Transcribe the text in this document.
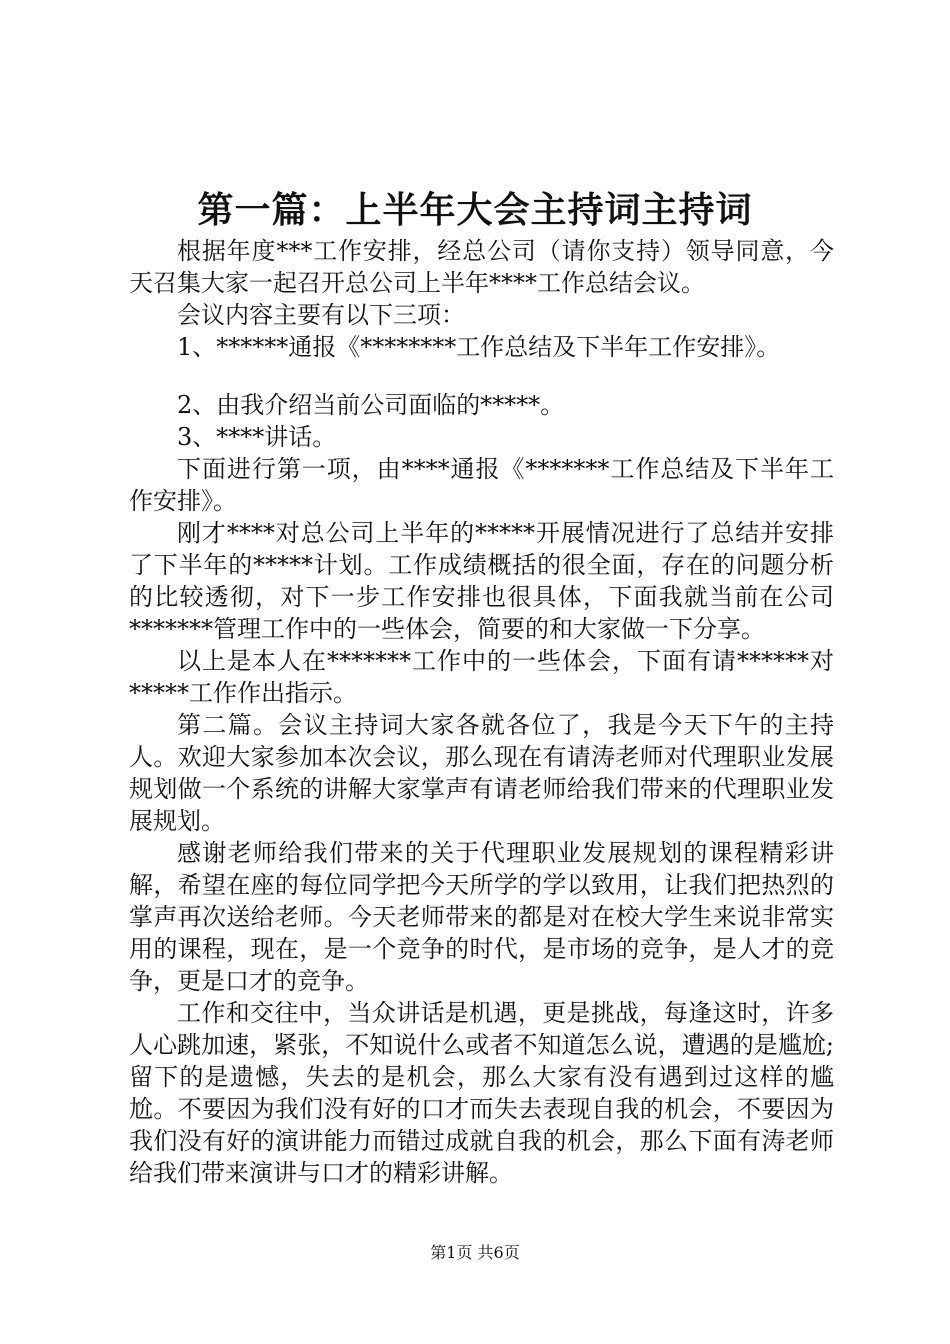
第一篇：上半年大会主持词主持词

根据年度***工作安排，经总公司（请你支持）领导同意，今天召集大家一起召开总公司上半年****工作总结会议。

会议内容主要有以下三项：

1、******通报《********工作总结及下半年工作安排》。

2、由我介绍当前公司面临的*****。

3、****讲话。

下面进行第一项，由****通报《*******工作总结及下半年工作安排》。

刚才****对总公司上半年的*****开展情况进行了总结并安排了下半年的*****计划。工作成绩概括的很全面，存在的问题分析的比较透彻，对下一步工作安排也很具体，下面我就当前在公司*******管理工作中的一些体会，简要的和大家做一下分享。

以上是本人在*******工作中的一些体会，下面有请******对*****工作作出指示。

第二篇。会议主持词大家各就各位了，我是今天下午的主持人。欢迎大家参加本次会议，那么现在有请涛老师对代理职业发展规划做一个系统的讲解大家掌声有请老师给我们带来的代理职业发展规划。

感谢老师给我们带来的关于代理职业发展规划的课程精彩讲解，希望在座的每位同学把今天所学的学以致用，让我们把热烈的掌声再次送给老师。今天老师带来的都是对在校大学生来说非常实用的课程，现在，是一个竞争的时代，是市场的竞争，是人才的竞争，更是口才的竞争。

工作和交往中，当众讲话是机遇，更是挑战，每逢这时，许多人心跳加速，紧张，不知说什么或者不知道怎么说，遭遇的是尴尬;留下的是遗憾，失去的是机会，那么大家有没有遇到过这样的尴尬。不要因为我们没有好的口才而失去表现自我的机会，不要因为我们没有好的演讲能力而错过成就自我的机会，那么下面有涛老师给我们带来演讲与口才的精彩讲解。

第1页 共6页
